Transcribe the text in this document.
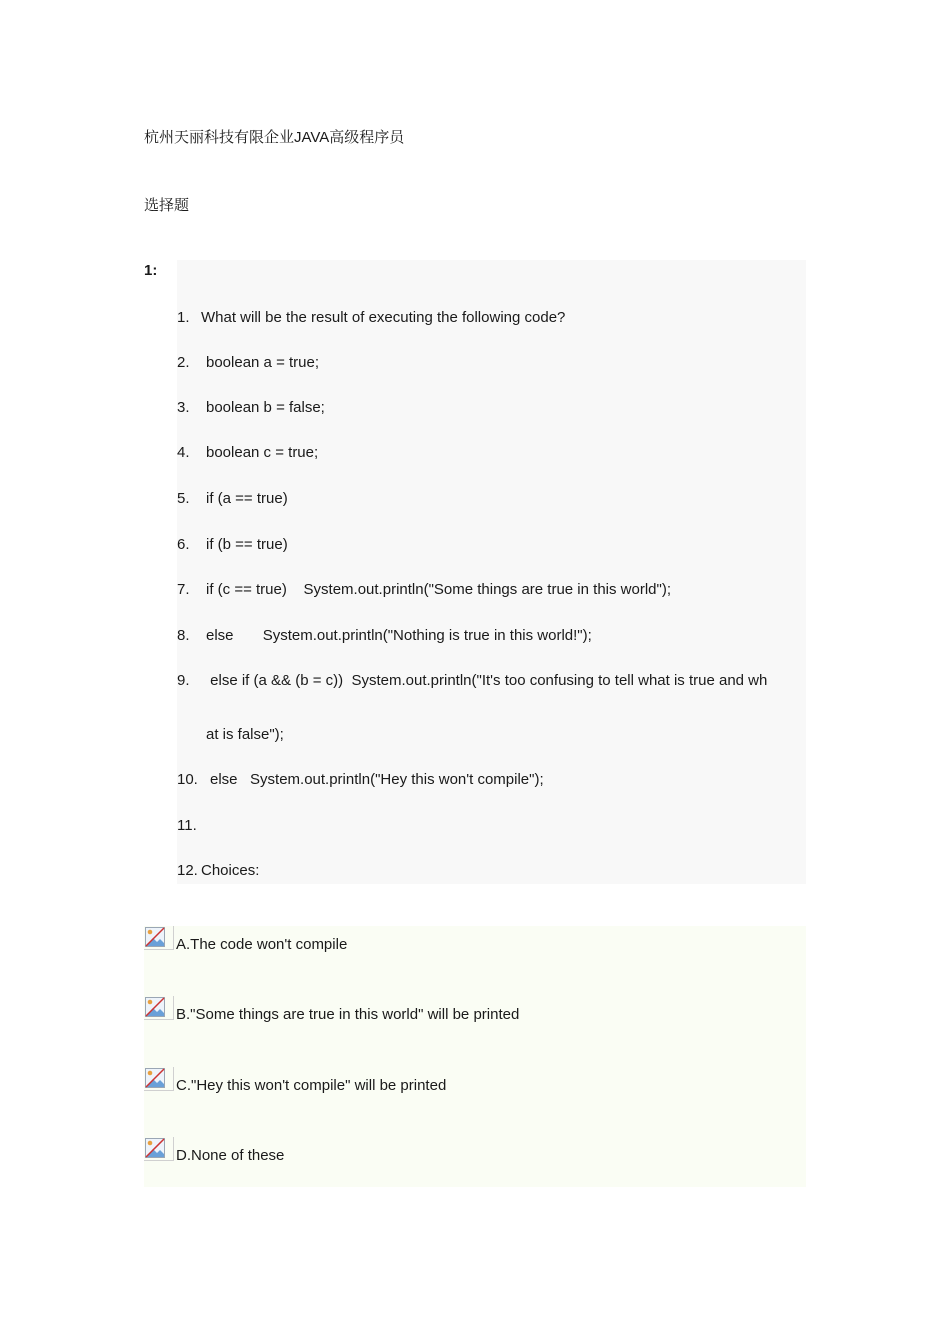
杭州天丽科技有限企业JAVA高级程序员
选择题
1:
1. What will be the result of executing the following code?
2. boolean a = true;
3. boolean b = false;
4. boolean c = true;
5. if (a == true)
6. if (b == true)
7. if (c == true)    System.out.println("Some things are true in this world");
8. else       System.out.println("Nothing is true in this world!");
9. else if (a && (b = c))  System.out.println("It's too confusing to tell what is true and wh
at is false");
10. else   System.out.println("Hey this won't compile");
11.
12. Choices:
A.The code won't compile
B."Some things are true in this world" will be printed
C."Hey this won't compile" will be printed
D.None of these
